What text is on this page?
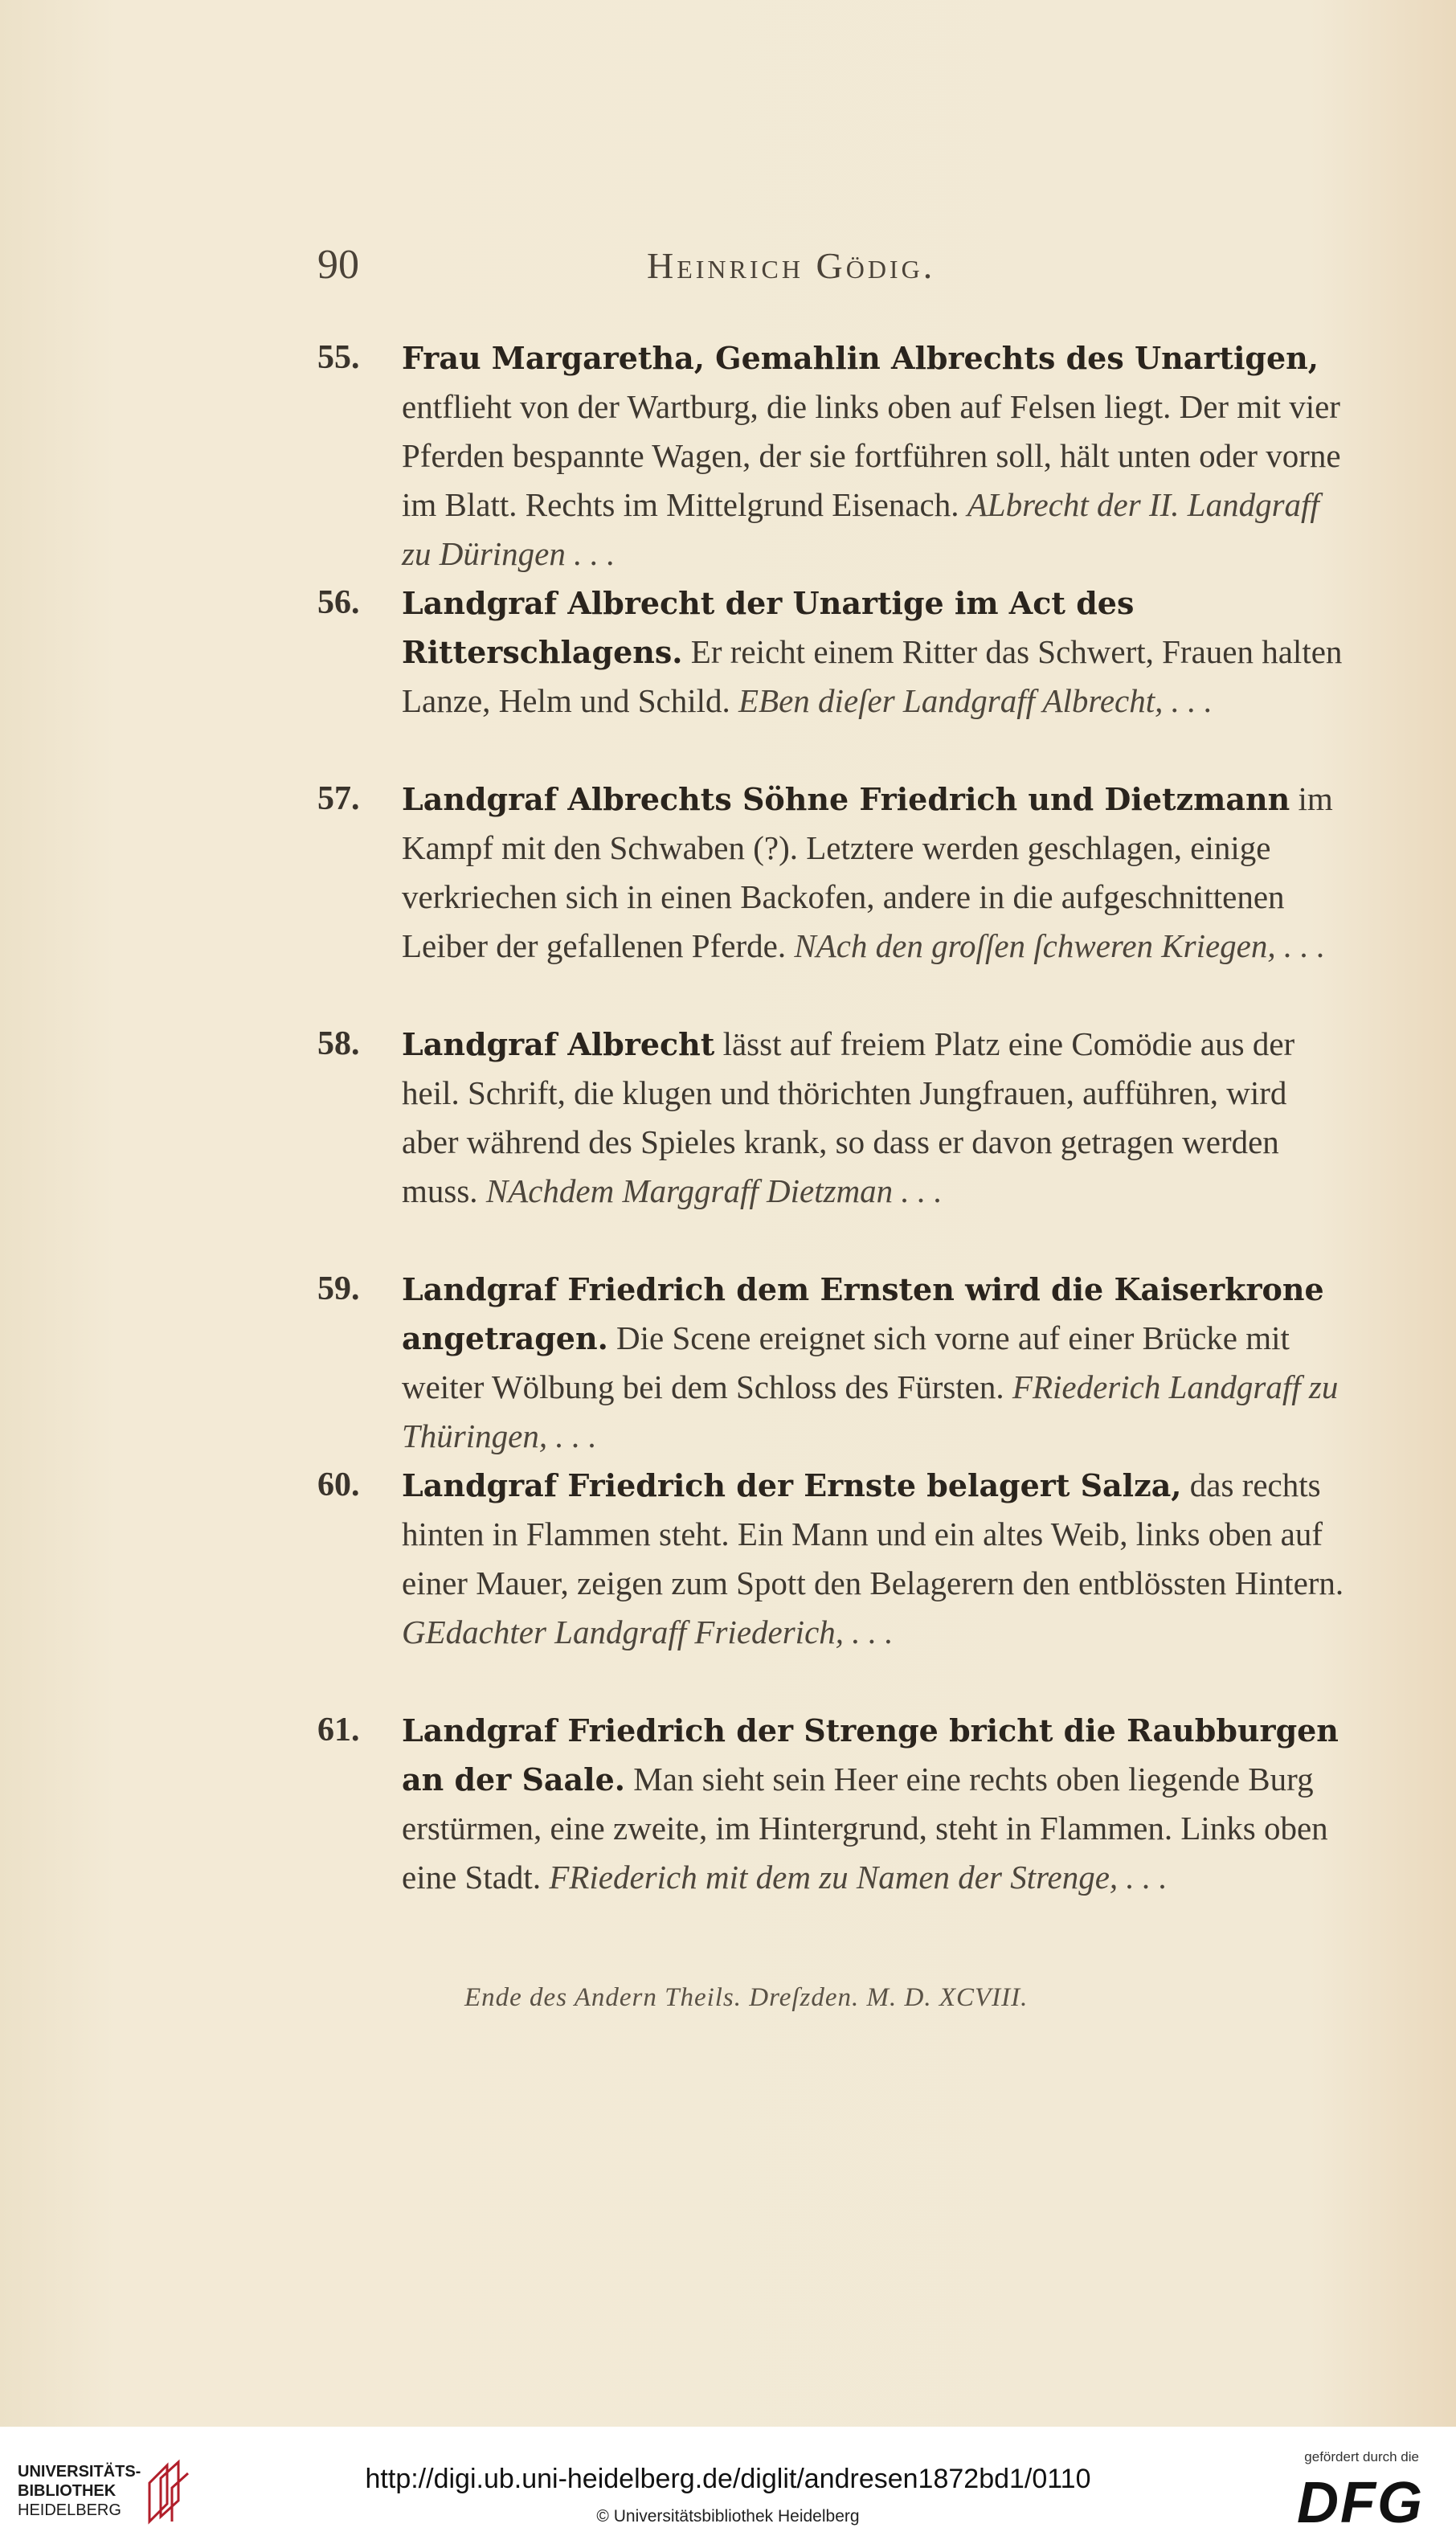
90	Heinrich Gödig.

55. Frau Margaretha, Gemahlin Albrechts des Unartigen, entflieht von der Wartburg, die links oben auf Felsen liegt. Der mit vier Pferden bespannte Wagen, der sie fortführen soll, hält unten oder vorne im Blatt. Rechts im Mittelgrund Eisenach. ALbrecht der II. Landgraff zu Düringen . . .

56. Landgraf Albrecht der Unartige im Act des Ritterschlagens. Er reicht einem Ritter das Schwert, Frauen halten Lanze, Helm und Schild. EBen dieſer Landgraff Albrecht, . . .

57. Landgraf Albrechts Söhne Friedrich und Dietzmann im Kampf mit den Schwaben (?). Letztere werden geschlagen, einige verkriechen sich in einen Backofen, andere in die aufgeschnittenen Leiber der gefallenen Pferde. NAch den groſſen ſchweren Kriegen, . . .

58. Landgraf Albrecht lässt auf freiem Platz eine Comödie aus der heil. Schrift, die klugen und thörichten Jungfrauen, aufführen, wird aber während des Spieles krank, so dass er davon getragen werden muss. NAchdem Marggraff Dietzman . . .

59. Landgraf Friedrich dem Ernsten wird die Kaiserkrone angetragen. Die Scene ereignet sich vorne auf einer Brücke mit weiter Wölbung bei dem Schloss des Fürsten. FRiederich Landgraff zu Thüringen, . . .

60. Landgraf Friedrich der Ernste belagert Salza, das rechts hinten in Flammen steht. Ein Mann und ein altes Weib, links oben auf einer Mauer, zeigen zum Spott den Belagerern den entblössten Hintern. GEdachter Landgraff Friederich, . . .

61. Landgraf Friedrich der Strenge bricht die Raubburgen an der Saale. Man sieht sein Heer eine rechts oben liegende Burg erstürmen, eine zweite, im Hintergrund, steht in Flammen. Links oben eine Stadt. FRiederich mit dem zu Namen der Strenge, . . .

Ende des Andern Theils. Dreſzden. M. D. XCVIII.
UNIVERSITÄTS-
BIBLIOTHEK
HEIDELBERG
http://digi.ub.uni-heidelberg.de/diglit/andresen1872bd1/0110
© Universitätsbibliothek Heidelberg
gefördert durch die
DFG
